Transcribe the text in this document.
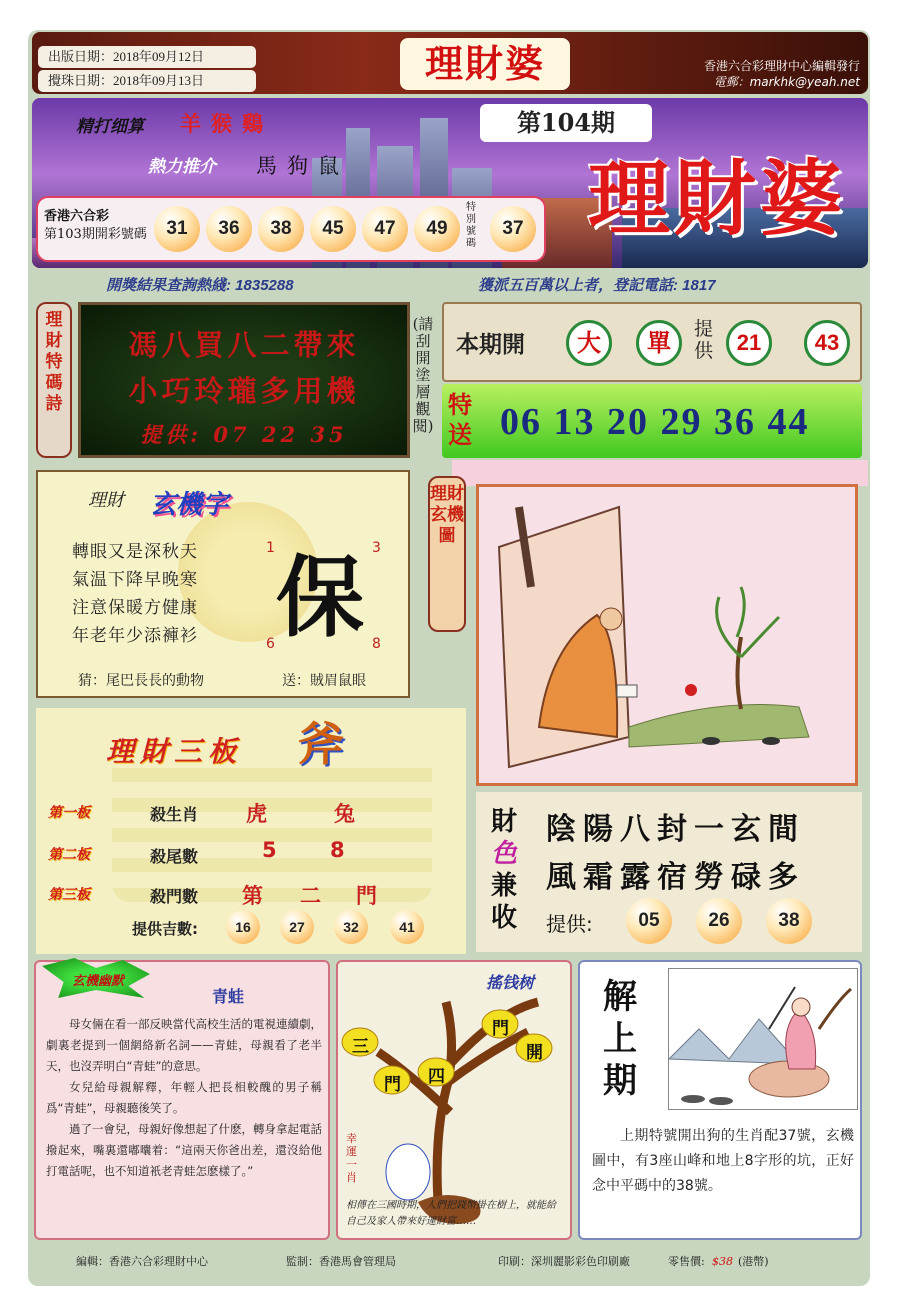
出版日期：2018年09月12日
攪珠日期：2018年09月13日	理財婆	香港六合彩理財中心編輯發行
電郵：markhk@yeah.net
精打细算 羊猴鷄
熱力推介 馬狗鼠
第104期
理財婆
香港六合彩
第103期開彩號碼	31	36	38	45	47	49
特別號碼
37
開獎結果查詢熱綫: 1835288	獲派五百萬以上者，登記電話: 1817
理財特碼詩
馮八買八二帶來
小巧玲瓏多用機
提供: 07 22 35
(請刮開塗層觀閱)
本期開	大	單	提供	21	43
特送 06 13 20 29 36 44
理財 玄機字
轉眼又是深秋天
氣温下降早晚寒
注意保暖方健康
年老年少添褲衫 保
1	3
6	8
猜：尾巴長長的動物	送：賊眉鼠眼
理財玄機圖
理財三板 斧
第一板	殺生肖 虎	兔
第二板	殺尾數	5	8
第三板	殺門數 第 二 門
提供吉數:	16	27	32	41
財
色
兼
收
陰陽八封一玄間
風霜露宿勞碌多
提供:	05	26	38
玄機幽默
青蛙

母女倆在看一部反映當代高校生活的電視連續劇，劇裏老提到一個網絡新名詞——青蛙，母親看了老半天，也沒弄明白“青蛙”的意思。

女兒給母親解釋，年輕人把長相較醜的男子稱爲“青蛙”，母親聽後笑了。

過了一會兒，母親好像想起了什麽，轉身拿起電話撥起來，嘴裏還嘟囔着：“這兩天你爸出差，還沒給他打電話呢，也不知道衹老青蛙怎麽樣了。”

搖钱树
三
門 四
門
開
幸運一肖
相傳在三國時期，人們把錢幣掛在樹上，就能給自己及家人帶來好運財富……
解上期
上期特號開出狗的生肖配37號，玄機圖中，有3座山峰和地上8字形的坑，正好念中平碼中的38號。
編輯：香港六合彩理財中心	監制：香港馬會管理局	印刷：深圳麗影彩色印刷廠	零售價: $38 (港幣)
